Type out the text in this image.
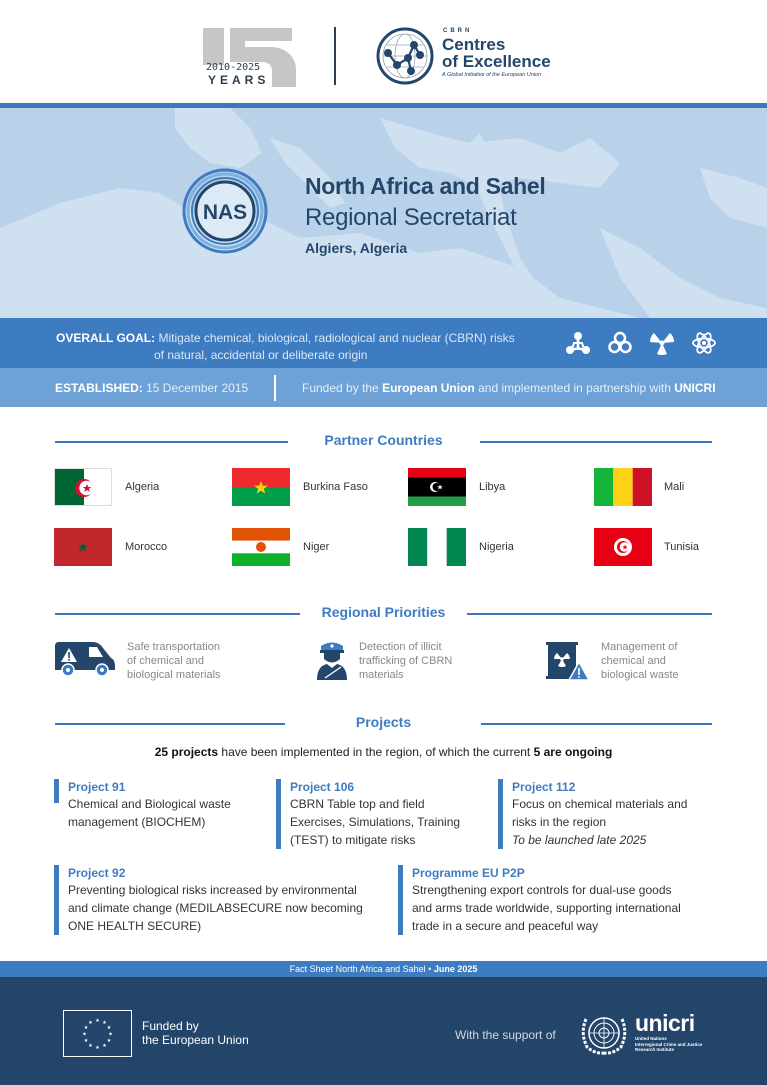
2010-2025
YEARS
CBRN
Centres
of Excellence
A Global Initiative of the European Union
NAS
North Africa and Sahel
Regional Secretariat
Algiers, Algeria
OVERALL GOAL: Mitigate chemical, biological, radiological and nuclear (CBRN) risks
of natural, accidental or deliberate origin
ESTABLISHED: 15 December 2015	Funded by the European Union and implemented in partnership with UNICRI
Partner Countries
Algeria	Burkina Faso	Libya	Mali
Morocco	Niger	Nigeria	Tunisia
Regional Priorities
Safe transportation
of chemical and
biological materials
Detection of illicit
trafficking of CBRN
materials
Management of
chemical and
biological waste
Projects
25 projects have been implemented in the region, of which the current 5 are ongoing
Project 91
Chemical and Biological waste
management (BIOCHEM)
Project 106
CBRN Table top and field
Exercises, Simulations, Training
(TEST) to mitigate risks
Project 112
Focus on chemical materials and
risks in the region
To be launched late 2025
Project 92
Preventing biological risks increased by environmental
and climate change (MEDILABSECURE now becoming
ONE HEALTH SECURE)
Programme EU P2P
Strengthening export controls for dual-use goods
and arms trade worldwide, supporting international
trade in a secure and peaceful way
Fact Sheet North Africa and Sahel • June 2025
★ ★
★
★
★
★
★
★
★
★
★
★	Funded by
the European Union	With the support of	unicri
United Nations
Interregional Crime and Justice
Research Institute
